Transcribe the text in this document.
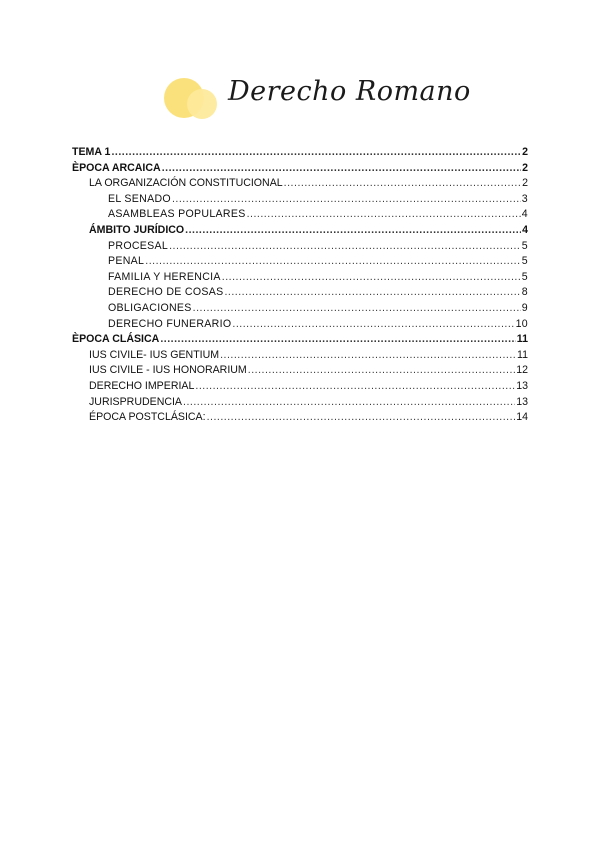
Derecho Romano
TEMA 1 .....	2
ÈPOCA ARCAICA .....	2
LA ORGANIZACIÓN CONSTITUCIONAL .....	2
EL SENADO .....	3
ASAMBLEAS POPULARES .....	4
ÁMBITO JURÍDICO .....	4
PROCESAL .....	5
PENAL .....	5
FAMILIA Y HERENCIA .....	5
DERECHO DE COSAS .....	8
OBLIGACIONES .....	9
DERECHO FUNERARIO .....	10
ÈPOCA CLÁSICA .....	11
IUS CIVILE- IUS GENTIUM .....	11
IUS CIVILE - IUS HONORARIUM .....	12
DERECHO IMPERIAL .....	13
JURISPRUDENCIA .....	13
ÉPOCA POSTCLÁSICA: .....	14
